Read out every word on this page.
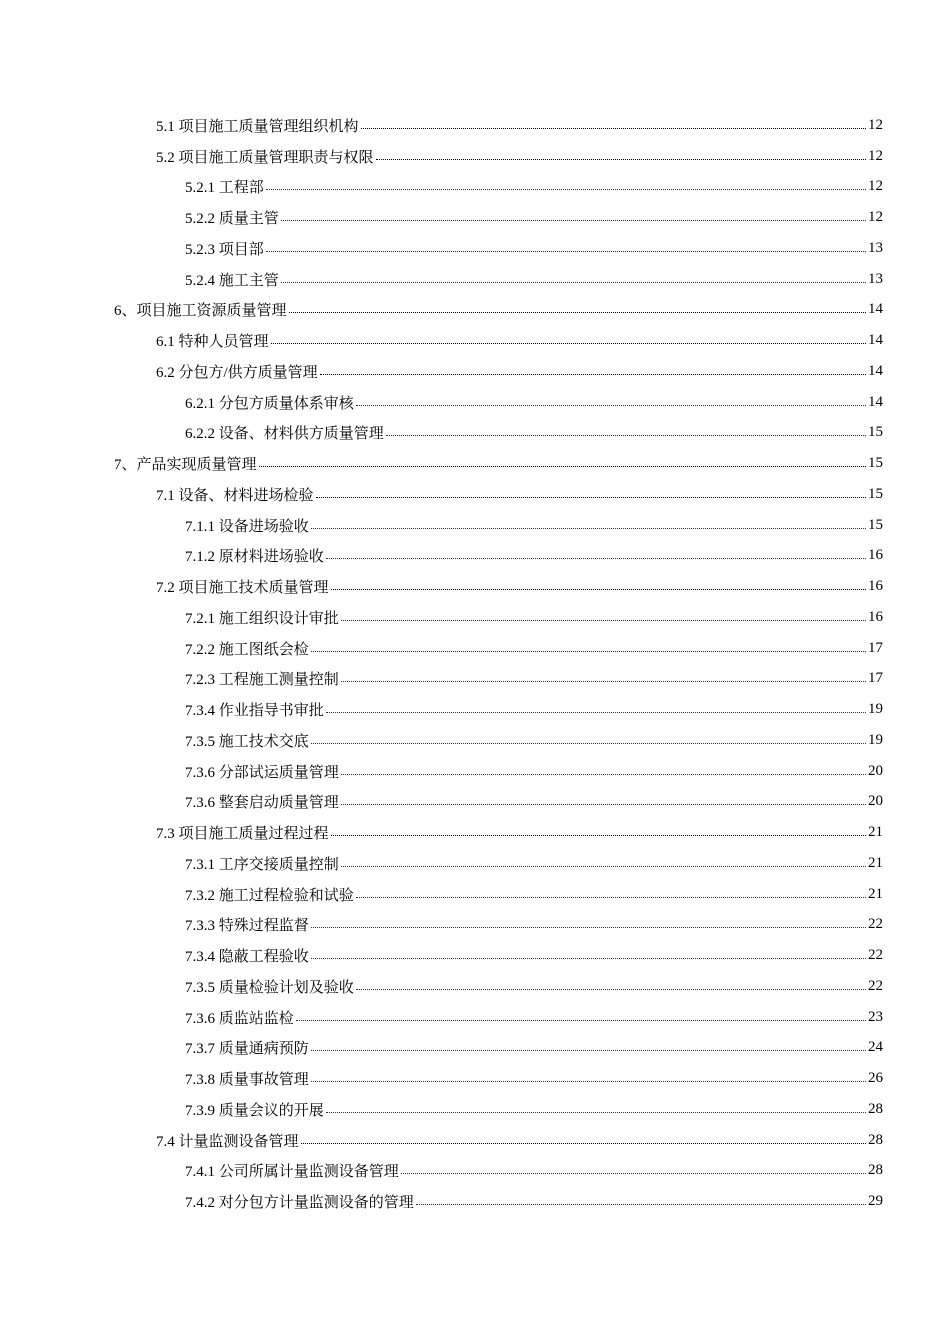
5.1 项目施工质量管理组织机构	12
5.2 项目施工质量管理职责与权限	12
5.2.1 工程部	12
5.2.2 质量主管	12
5.2.3 项目部	13
5.2.4 施工主管	13
6、项目施工资源质量管理	14
6.1 特种人员管理	14
6.2 分包方/供方质量管理	14
6.2.1 分包方质量体系审核	14
6.2.2 设备、材料供方质量管理	15
7、产品实现质量管理	15
7.1 设备、材料进场检验	15
7.1.1 设备进场验收	15
7.1.2 原材料进场验收	16
7.2 项目施工技术质量管理	16
7.2.1 施工组织设计审批	16
7.2.2 施工图纸会检	17
7.2.3 工程施工测量控制	17
7.3.4 作业指导书审批	19
7.3.5 施工技术交底	19
7.3.6 分部试运质量管理	20
7.3.6 整套启动质量管理	20
7.3 项目施工质量过程过程	21
7.3.1 工序交接质量控制	21
7.3.2 施工过程检验和试验	21
7.3.3 特殊过程监督	22
7.3.4 隐蔽工程验收	22
7.3.5 质量检验计划及验收	22
7.3.6 质监站监检	23
7.3.7 质量通病预防	24
7.3.8 质量事故管理	26
7.3.9 质量会议的开展	28
7.4 计量监测设备管理	28
7.4.1 公司所属计量监测设备管理	28
7.4.2 对分包方计量监测设备的管理	29
